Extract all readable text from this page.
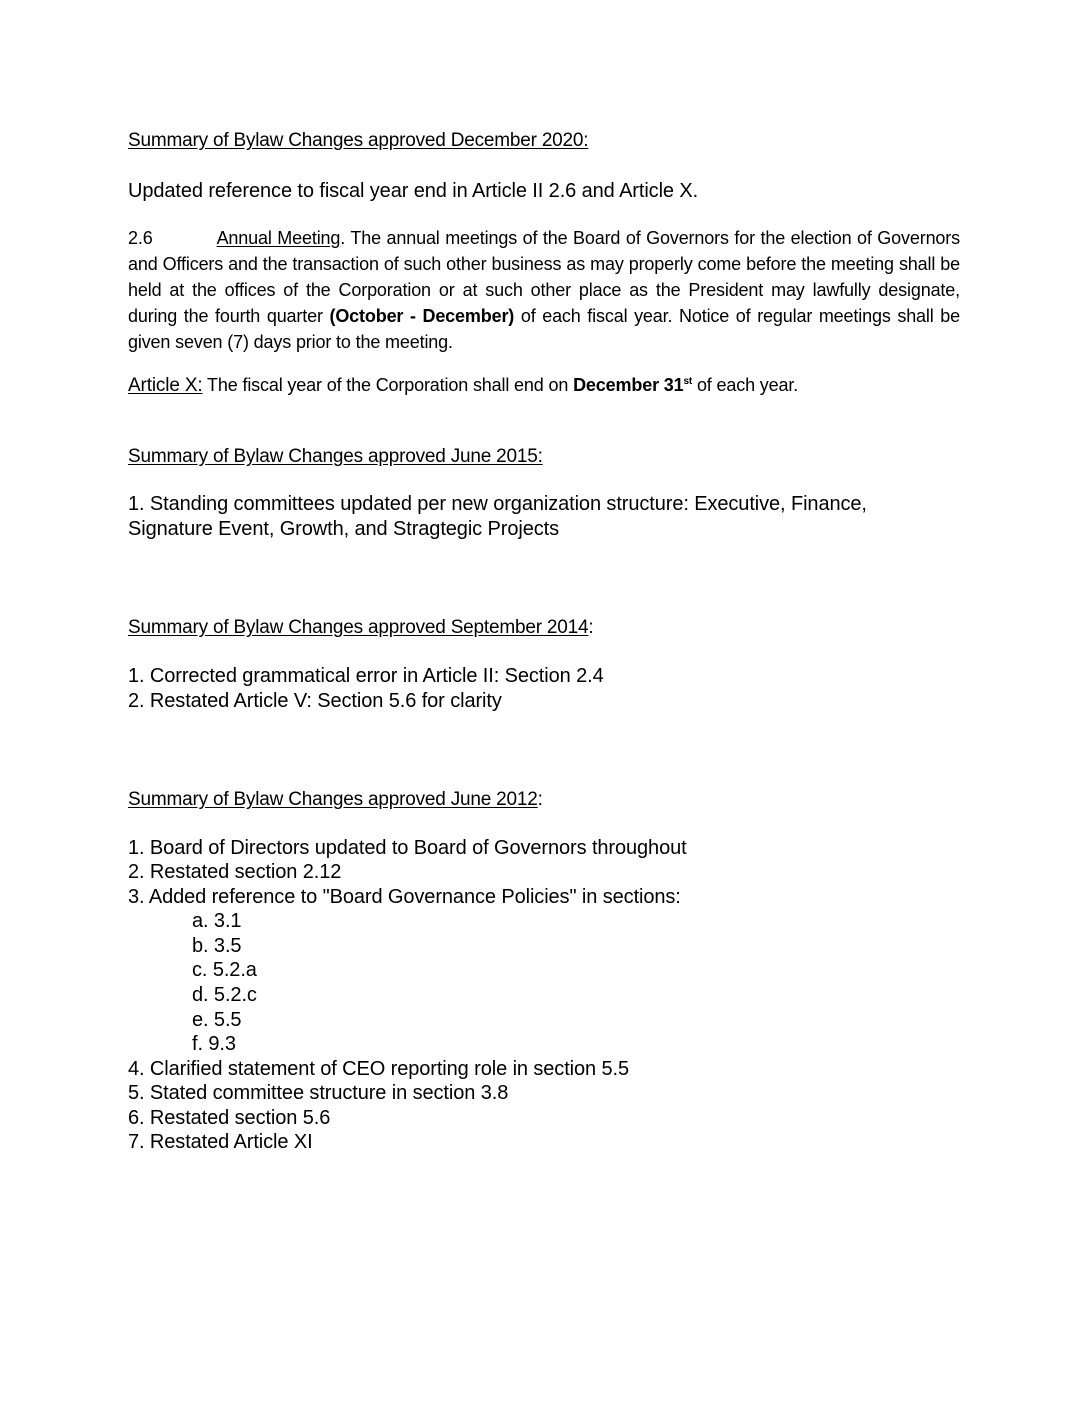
Summary of Bylaw Changes approved December 2020:
Updated reference to fiscal year end in Article II 2.6 and Article X.
2.6	Annual Meeting. The annual meetings of the Board of Governors for the election of Governors and Officers and the transaction of such other business as may properly come before the meeting shall be held at the offices of the Corporation or at such other place as the President may lawfully designate, during the fourth quarter (October - December) of each fiscal year. Notice of regular meetings shall be given seven (7) days prior to the meeting.
Article X: The fiscal year of the Corporation shall end on December 31st of each year.
Summary of Bylaw Changes approved June 2015:
1. Standing committees updated per new organization structure: Executive, Finance,
Signature Event, Growth, and Stragtegic Projects
Summary of Bylaw Changes approved September 2014:
1. Corrected grammatical error in Article II: Section 2.4
2. Restated Article V: Section 5.6 for clarity
Summary of Bylaw Changes approved June 2012:
1. Board of Directors updated to Board of Governors throughout
2. Restated section 2.12
3. Added reference to "Board Governance Policies" in sections:
a. 3.1
b. 3.5
c. 5.2.a
d. 5.2.c
e. 5.5
f. 9.3
4. Clarified statement of CEO reporting role in section 5.5
5. Stated committee structure in section 3.8
6. Restated section 5.6
7. Restated Article XI
